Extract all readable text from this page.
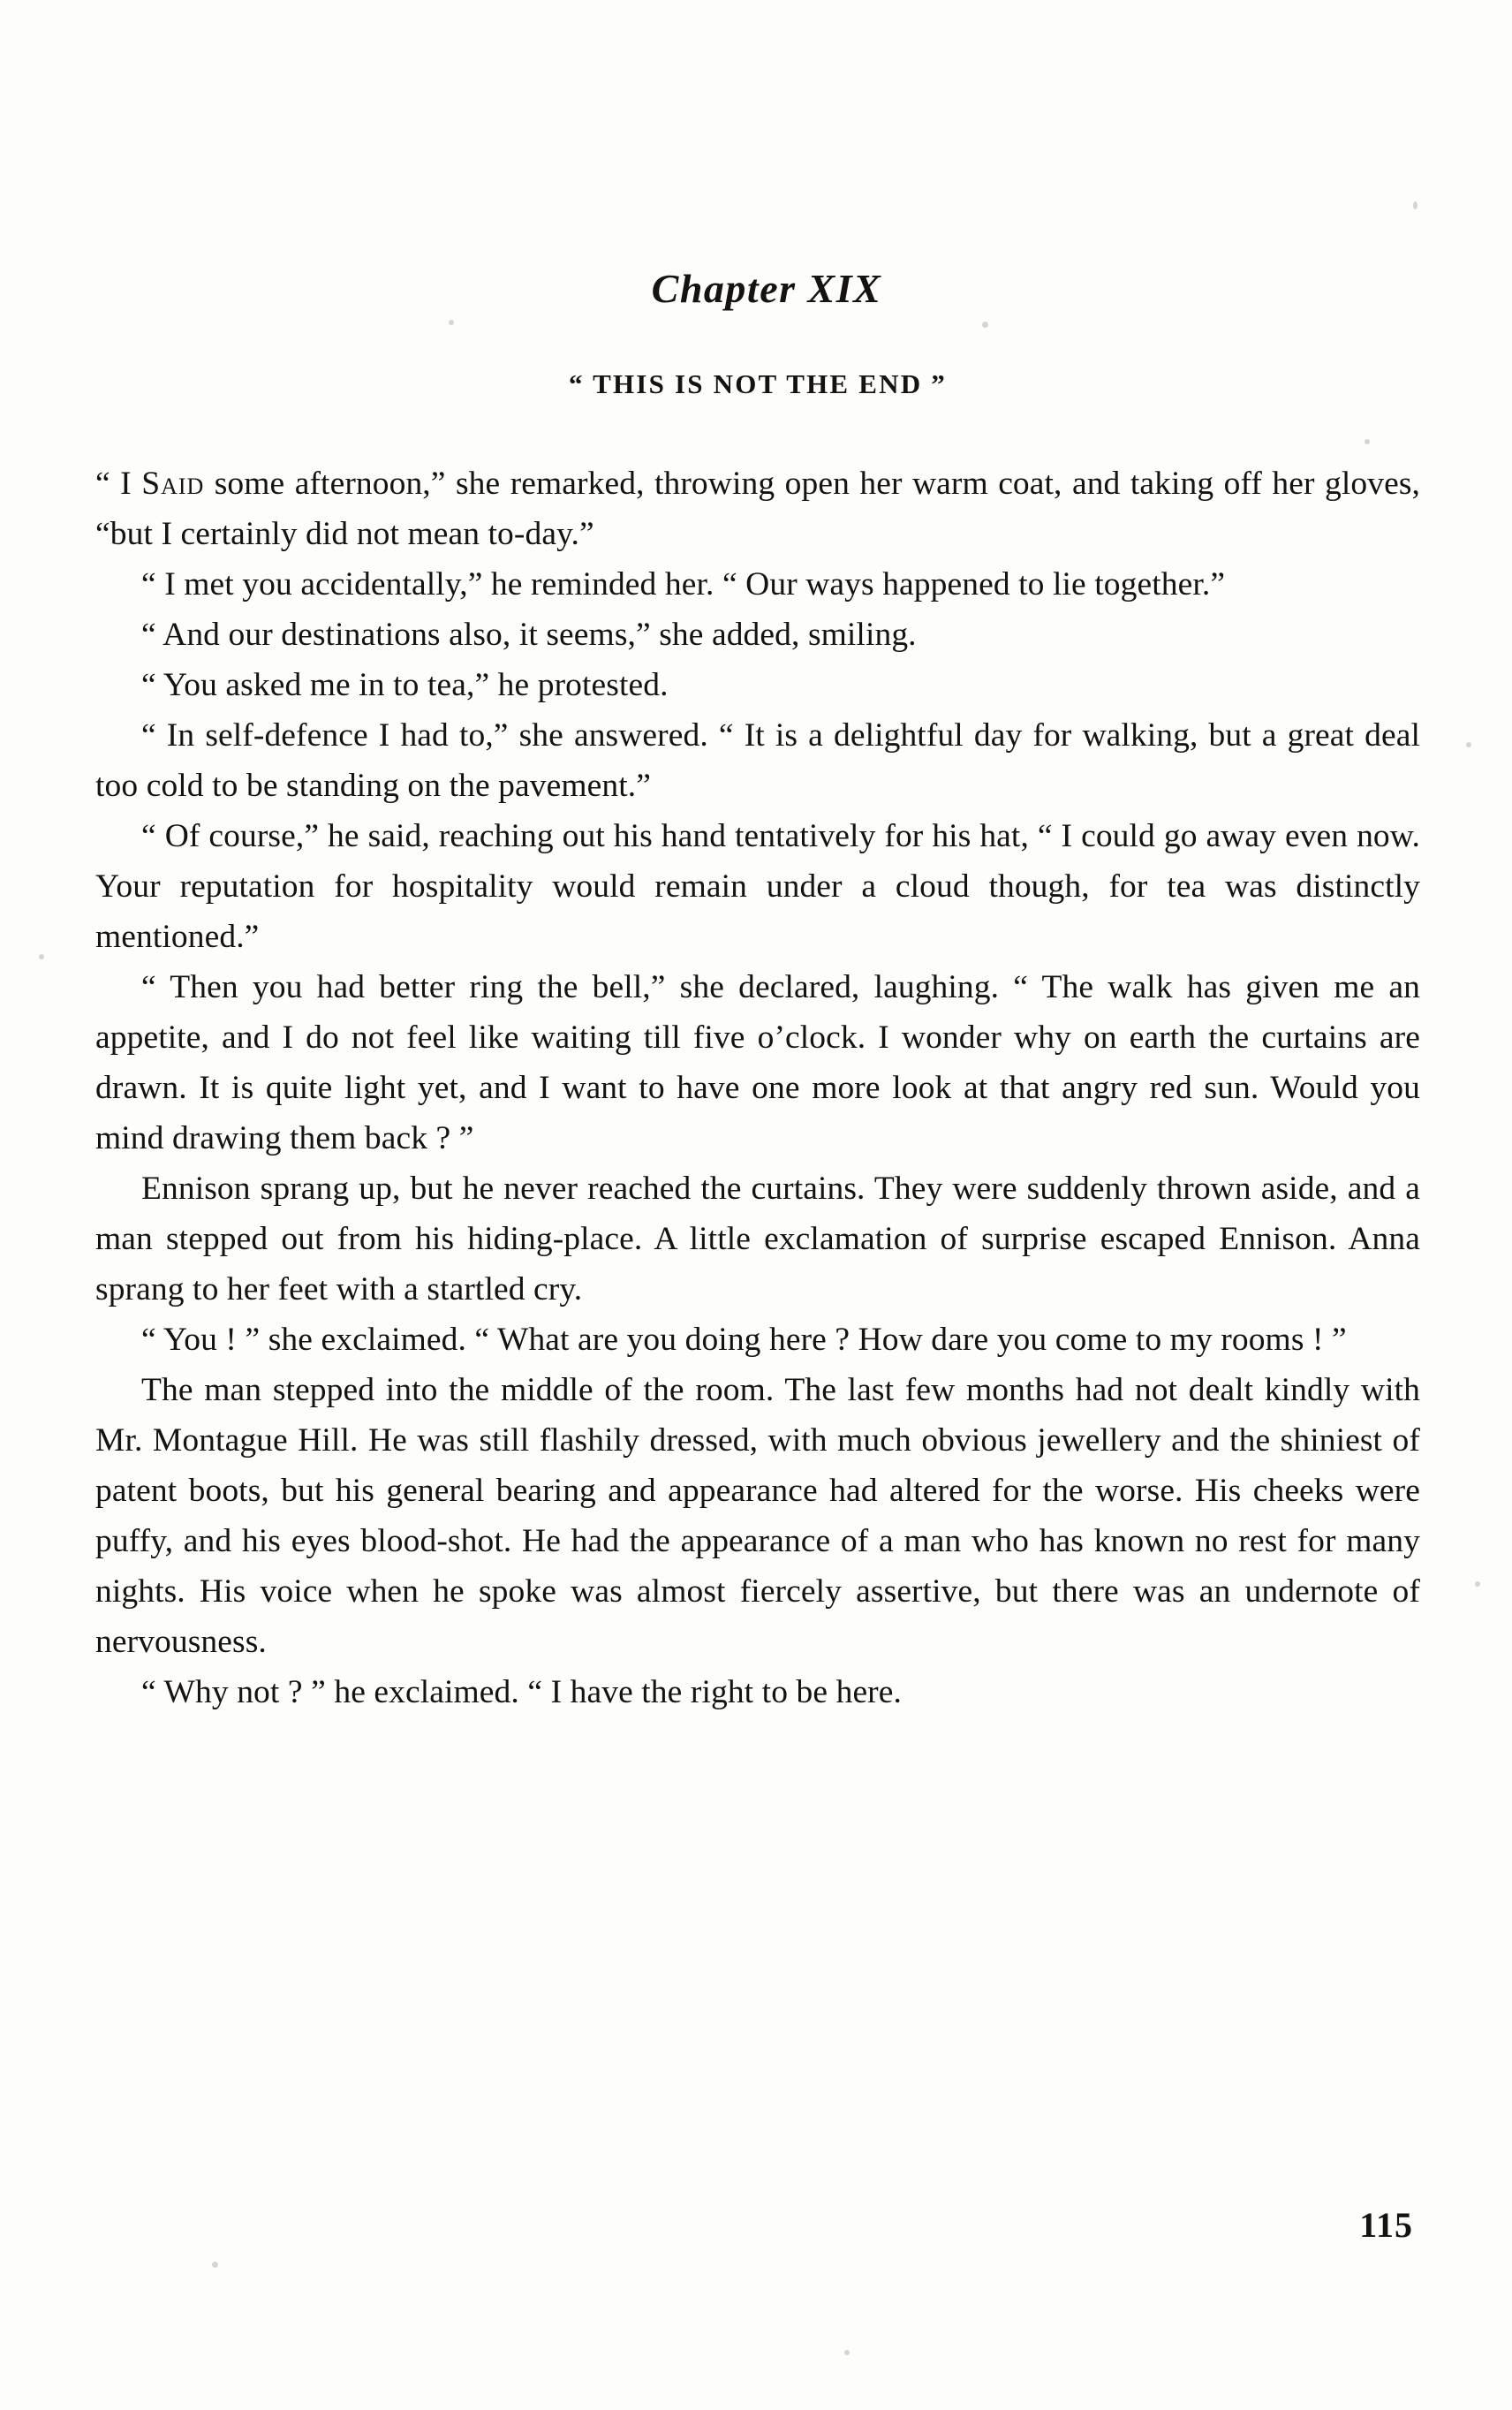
Chapter XIX
“ THIS IS NOT THE END ”

“ I Said some afternoon,” she remarked, throwing open her warm coat, and taking off her gloves, “but I certainly did not mean to-day.”

“ I met you accidentally,” he reminded her. “ Our ways happened to lie together.”

“ And our destinations also, it seems,” she added, smiling.

“ You asked me in to tea,” he protested.

“ In self-defence I had to,” she answered. “ It is a delightful day for walking, but a great deal too cold to be standing on the pavement.”

“ Of course,” he said, reaching out his hand tentatively for his hat, “ I could go away even now. Your reputation for hospitality would remain under a cloud though, for tea was distinctly mentioned.”

“ Then you had better ring the bell,” she declared, laughing. “ The walk has given me an appetite, and I do not feel like waiting till five o’clock. I wonder why on earth the curtains are drawn. It is quite light yet, and I want to have one more look at that angry red sun. Would you mind drawing them back ? ”

Ennison sprang up, but he never reached the curtains. They were suddenly thrown aside, and a man stepped out from his hiding-place. A little exclamation of surprise escaped Ennison. Anna sprang to her feet with a startled cry.

“ You ! ” she exclaimed. “ What are you doing here ? How dare you come to my rooms ! ”

The man stepped into the middle of the room. The last few months had not dealt kindly with Mr. Montague Hill. He was still flashily dressed, with much obvious jewellery and the shiniest of patent boots, but his general bearing and appearance had altered for the worse. His cheeks were puffy, and his eyes blood-shot. He had the appearance of a man who has known no rest for many nights. His voice when he spoke was almost fiercely assertive, but there was an undernote of nervousness.

“ Why not ? ” he exclaimed. “ I have the right to be here.

115
